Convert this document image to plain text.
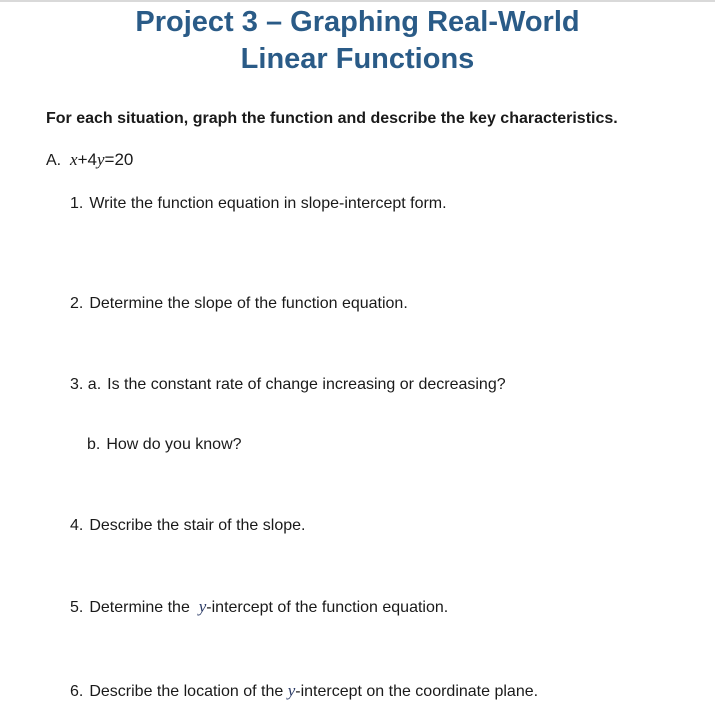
Project 3 – Graphing Real-World
Linear Functions
For each situation, graph the function and describe the key characteristics.
A. x+4y=20
1. Write the function equation in slope-intercept form.
2. Determine the slope of the function equation.
3. a. Is the constant rate of change increasing or decreasing?
b. How do you know?
4. Describe the stair of the slope.
5. Determine the y-intercept of the function equation.
6. Describe the location of the y-intercept on the coordinate plane.
